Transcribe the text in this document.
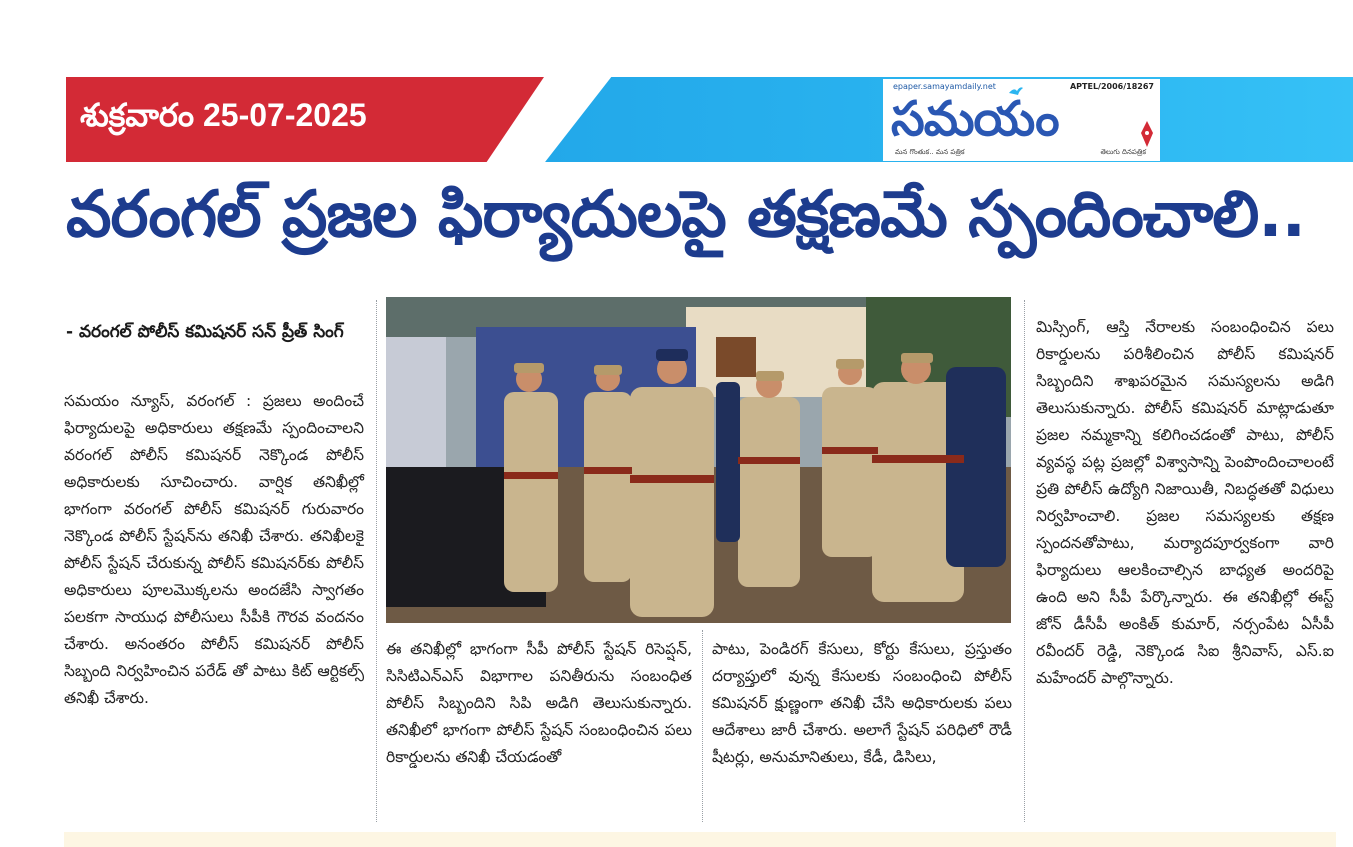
శుక్రవారం 25-07-2025
epaper.samayamdaily.net	APTEL/2006/18267
సమయం
మన గొంతుక.. మన పత్రిక	తెలుగు దినపత్రిక
వరంగల్ ప్రజల ఫిర్యాదులపై తక్షణమే స్పందించాలి..
- వరంగల్ పోలీస్ కమిషనర్ సన్ ప్రీత్ సింగ్
సమయం న్యూస్, వరంగల్ : ప్రజలు అందించే ఫిర్యాదులపై అధికారులు తక్షణమే స్పందించాలని వరంగల్ పోలీస్ కమిషనర్ నెక్కొండ పోలీస్ అధికారులకు సూచించారు. వార్షిక తనిఖీల్లో భాగంగా వరంగల్ పోలీస్ కమిషనర్ గురువారం నెక్కొండ పోలీస్ స్టేషన్‌ను తనిఖీ చేశారు. తనిఖీలకై పోలీస్ స్టేషన్ చేరుకున్న పోలీస్ కమిషనర్‌కు పోలీస్ అధికారులు పూలమొక్కలను అందజేసి స్వాగతం పలకగా సాయుధ పోలీసులు సీపీకి గౌరవ వందనం చేశారు. అనంతరం పోలీస్ కమిషనర్ పోలీస్ సిబ్బంది నిర్వహించిన పరేడ్ తో పాటు కిట్ ఆర్టికల్స్ తనిఖీ చేశారు.
ఈ తనిఖీల్లో భాగంగా సీపీ పోలీస్ స్టేషన్ రిసెప్షన్, సిసిటిఎన్ఎస్ విభాగాల పనితీరును సంబంధిత పోలీస్ సిబ్బందిని సిపి అడిగి తెలుసుకున్నారు. తనిఖీలో భాగంగా పోలీస్ స్టేషన్ సంబంధించిన పలు రికార్డులను తనిఖీ చేయడంతో
పాటు, పెండిరగ్ కేసులు, కోర్టు కేసులు, ప్రస్తుతం దర్యాప్తులో వున్న కేసులకు సంబంధించి పోలీస్ కమిషనర్ క్షుణ్ణంగా తనిఖీ చేసి అధికారులకు పలు ఆదేశాలు జారీ చేశారు. అలాగే స్టేషన్ పరిధిలో రౌడీ షీటర్లు, అనుమానితులు, కేడీ, డిసిలు,
మిస్సింగ్, ఆస్తి నేరాలకు సంబంధించిన పలు రికార్డులను పరిశీలించిన పోలీస్ కమిషనర్ సిబ్బందిని శాఖపరమైన సమస్యలను అడిగి తెలుసుకున్నారు. పోలీస్ కమిషనర్ మాట్లాడుతూ ప్రజల నమ్మకాన్ని కలిగించడంతో పాటు, పోలీస్ వ్యవస్థ పట్ల ప్రజల్లో విశ్వాసాన్ని పెంపొందించాలంటే ప్రతి పోలీస్ ఉద్యోగి నిజాయితీ, నిబద్ధతతో విధులు నిర్వహించాలి. ప్రజల సమస్యలకు తక్షణ స్పందనతోపాటు, మర్యాదపూర్వకంగా వారి ఫిర్యాదులు ఆలకించాల్సిన బాధ్యత అందరిపై ఉంది అని సీపీ పేర్కొన్నారు. ఈ తనిఖీల్లో ఈస్ట్ జోన్ డీసీపీ అంకిత్ కుమార్, నర్సంపేట ఏసీపీ రవీందర్ రెడ్డి, నెక్కొండ సిఐ శ్రీనివాస్, ఎస్.ఐ మహేందర్ పాల్గొన్నారు.
